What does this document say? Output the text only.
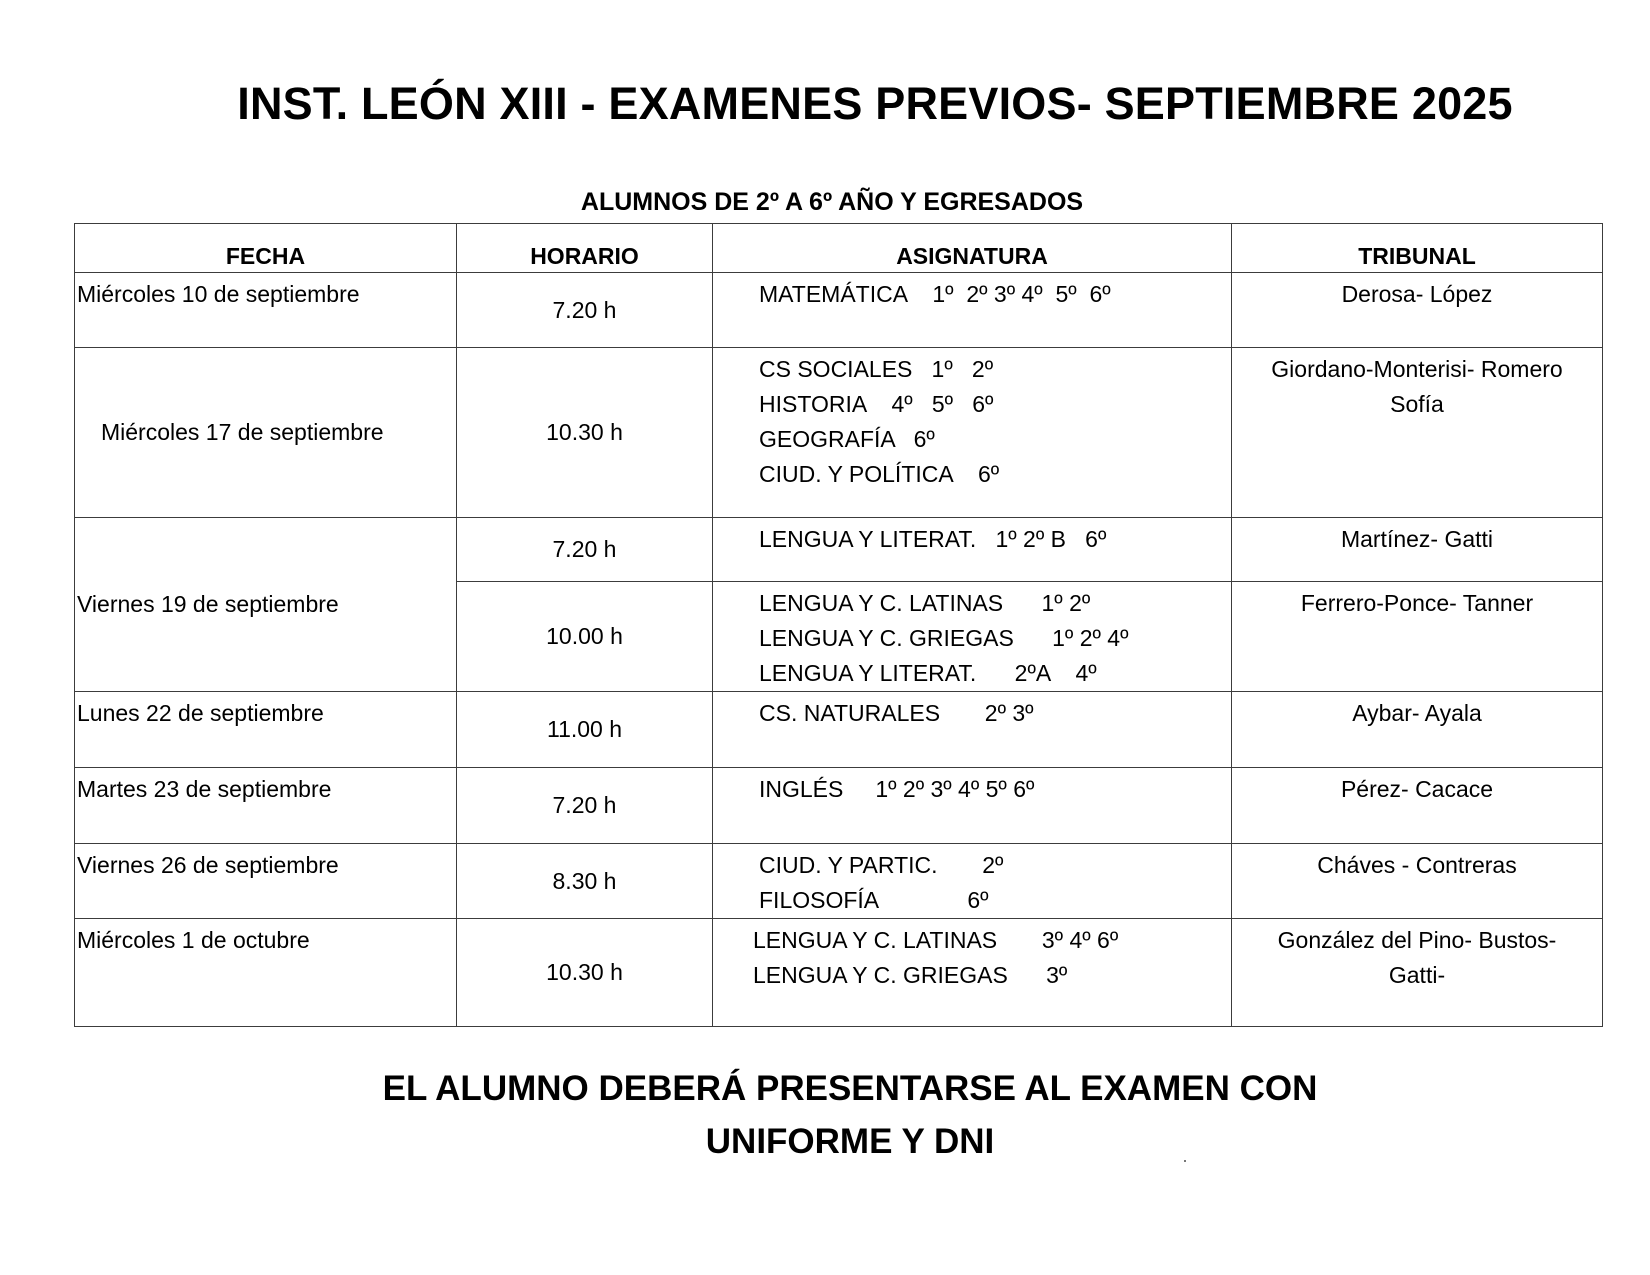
INST. LEÓN XIII - EXAMENES PREVIOS- SEPTIEMBRE 2025
ALUMNOS DE 2º A 6º AÑO Y EGRESADOS
FECHA	HORARIO	ASIGNATURA	TRIBUNAL

Miércoles 10 de septiembre	7.20 h	MATEMÁTICA    1º  2º 3º 4º  5º  6º	Derosa- López

Miércoles 17 de septiembre	10.30 h	CS SOCIALES   1º   2º
HISTORIA    4º   5º   6º
GEOGRAFÍA   6º
CIUD. Y POLÍTICA    6º	Giordano-Monterisi- Romero
Sofía

Viernes 19 de septiembre	7.20 h	LENGUA Y LITERAT.   1º 2º B   6º	Martínez- Gatti

	10.00 h	LENGUA Y C. LATINAS      1º 2º
LENGUA Y C. GRIEGAS      1º 2º 4º
LENGUA Y LITERAT.      2ºA    4º	Ferrero-Ponce- Tanner

Lunes 22 de septiembre	11.00 h	CS. NATURALES       2º 3º	Aybar- Ayala

Martes 23 de septiembre	7.20 h	INGLÉS     1º 2º 3º 4º 5º 6º	Pérez- Cacace

Viernes 26 de septiembre	8.30 h	CIUD. Y PARTIC.       2º
FILOSOFÍA              6º	Cháves - Contreras

Miércoles 1 de octubre	10.30 h	LENGUA Y C. LATINAS       3º 4º 6º
LENGUA Y C. GRIEGAS      3º	González del Pino- Bustos-
Gatti-
EL ALUMNO DEBERÁ PRESENTARSE AL EXAMEN CON
UNIFORME Y DNI
